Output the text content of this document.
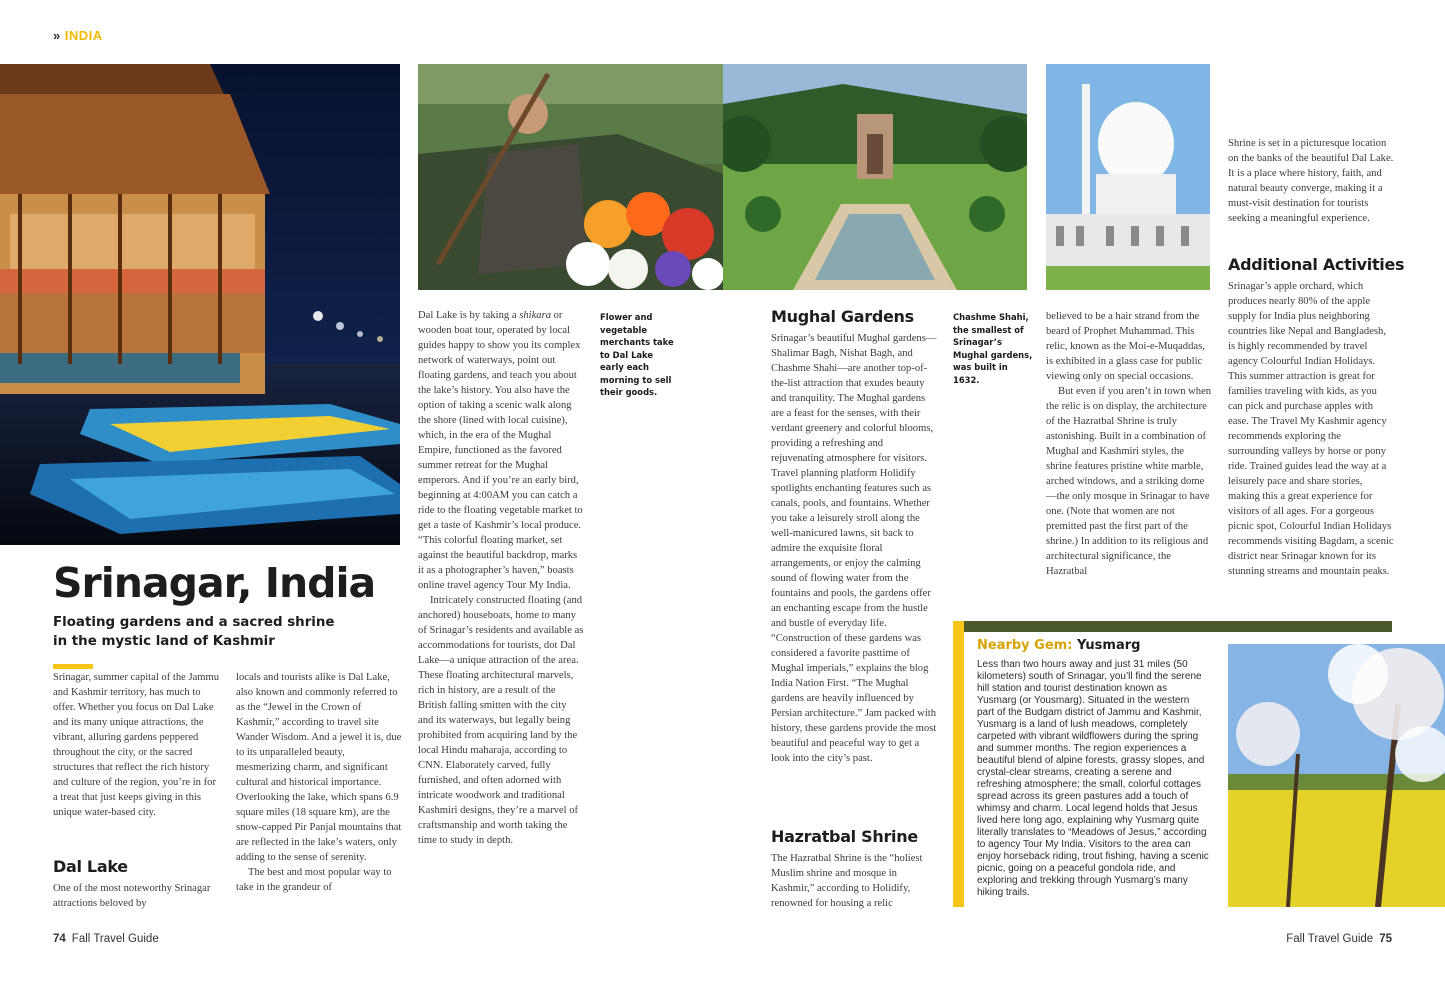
» INDIA
Srinagar, India
Floating gardens and a sacred shrine in the mystic land of Kashmir

Srinagar, summer capital of the Jammu and Kashmir territory, has much to offer. Whether you focus on Dal Lake and its many unique attractions, the vibrant, alluring gardens peppered throughout the city, or the sacred structures that reflect the rich history and culture of the region, you’re in for a treat that just keeps giving in this unique water-based city.

Dal Lake

One of the most noteworthy Srinagar attractions beloved by

locals and tourists alike is Dal Lake, also known and commonly referred to as the “Jewel in the Crown of Kashmir,” according to travel site Wander Wisdom. And a jewel it is, due to its unparalleled beauty, mesmerizing charm, and significant cultural and historical importance. Overlooking the lake, which spans 6.9 square miles (18 square km), are the snow-capped Pir Panjal mountains that are reflected in the lake’s waters, only adding to the sense of serenity.

The best and most popular way to take in the grandeur of

Dal Lake is by taking a shikara or wooden boat tour, operated by local guides happy to show you its complex network of waterways, point out floating gardens, and teach you about the lake’s history. You also have the option of taking a scenic walk along the shore (lined with local cuisine), which, in the era of the Mughal Empire, functioned as the favored summer retreat for the Mughal emperors. And if you’re an early bird, beginning at 4:00AM you can catch a ride to the floating vegetable market to get a taste of Kashmir’s local produce. “This colorful floating market, set against the beautiful backdrop, marks it as a photographer’s haven,” boasts online travel agency Tour My India.

Intricately constructed floating (and anchored) houseboats, home to many of Srinagar’s residents and available as accommodations for tourists, dot Dal Lake—a unique attraction of the area. These floating architectural marvels, rich in history, are a result of the British falling smitten with the city and its waterways, but legally being prohibited from acquiring land by the local Hindu maharaja, according to CNN. Elaborately carved, fully furnished, and often adorned with intricate woodwork and traditional Kashmiri designs, they’re a marvel of craftsmanship and worth taking the time to study in depth.

Flower and vegetable merchants take to Dal Lake early each morning to sell their goods.
Mughal Gardens

Srinagar’s beautiful Mughal gardens—Shalimar Bagh, Nishat Bagh, and Chashme Shahi—are another top-of-the-list attraction that exudes beauty and tranquility. The Mughal gardens are a feast for the senses, with their verdant greenery and colorful blooms, providing a refreshing and rejuvenating atmosphere for visitors. Travel planning platform Holidify spotlights enchanting features such as canals, pools, and fountains. Whether you take a leisurely stroll along the well-manicured lawns, sit back to admire the exquisite floral arrangements, or enjoy the calming sound of flowing water from the fountains and pools, the gardens offer an enchanting escape from the hustle and bustle of everyday life. “Construction of these gardens was considered a favorite pasttime of Mughal imperials,” explains the blog India Nation First. “The Mughal gardens are heavily influenced by Persian architecture.” Jam packed with history, these gardens provide the most beautiful and peaceful way to get a look into the city’s past.

Hazratbal Shrine

The Hazratbal Shrine is the “holiest Muslim shrine and mosque in Kashmir,” according to Holidify, renowned for housing a relic

Chashme Shahi, the smallest of Srinagar’s Mughal gardens, was built in 1632.

believed to be a hair strand from the beard of Prophet Muhammad. This relic, known as the Moi-e-Muqaddas, is exhibited in a glass case for public viewing only on special occasions.

But even if you aren’t in town when the relic is on display, the architecture of the Hazratbal Shrine is truly astonishing. Built in a combination of Mughal and Kashmiri styles, the shrine features pristine white marble, arched windows, and a striking dome—the only mosque in Srinagar to have one. (Note that women are not premitted past the first part of the shrine.) In addition to its religious and architectural significance, the Hazratbal

Shrine is set in a picturesque location on the banks of the beautiful Dal Lake. It is a place where history, faith, and natural beauty converge, making it a must-visit destination for tourists seeking a meaningful experience.

Additional Activities

Srinagar’s apple orchard, which produces nearly 80% of the apple supply for India plus neighboring countries like Nepal and Bangladesh, is highly recommended by travel agency Colourful Indian Holidays. This summer attraction is great for families traveling with kids, as you can pick and purchase apples with ease. The Travel My Kashmir agency recommends exploring the surrounding valleys by horse or pony ride. Trained guides lead the way at a leisurely pace and share stories, making this a great experience for visitors of all ages. For a gorgeous picnic spot, Colourful Indian Holidays recommends visiting Bagdam, a scenic district near Srinagar known for its stunning streams and mountain peaks.

Nearby Gem: Yusmarg
Less than two hours away and just 31 miles (50 kilometers) south of Srinagar, you’ll find the serene hill station and tourist destination known as Yusmarg (or Yousmarg). Situated in the western part of the Budgam district of Jammu and Kashmir, Yusmarg is a land of lush meadows, completely carpeted with vibrant wildflowers during the spring and summer months. The region experiences a beautiful blend of alpine forests, grassy slopes, and crystal-clear streams, creating a serene and refreshing atmosphere; the small, colorful cottages spread across its green pastures add a touch of whimsy and charm. Local legend holds that Jesus lived here long ago, explaining why Yusmarg quite literally translates to “Meadows of Jesus,” according to agency Tour My India. Visitors to the area can enjoy horseback riding, trout fishing, having a scenic picnic, going on a peaceful gondola ride, and exploring and trekking through Yusmarg’s many hiking trails.
74 Fall Travel Guide	Fall Travel Guide 75
